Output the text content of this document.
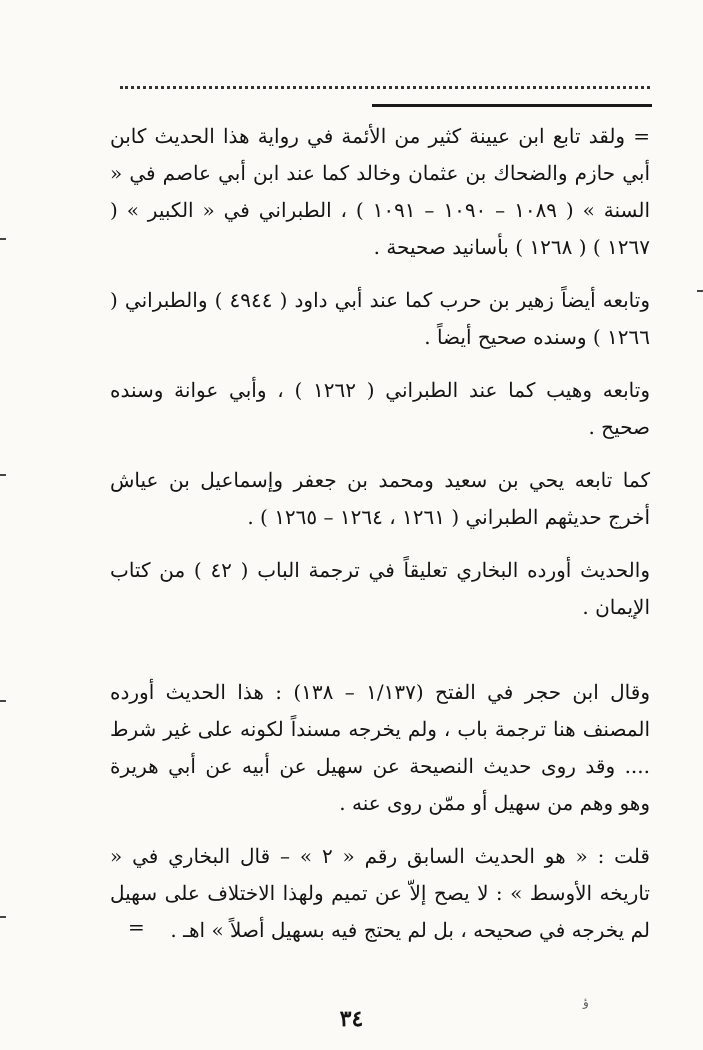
= ولقد تابع ابن عيينة كثير من الأئمة في رواية هذا الحديث كابن أبي حازم والضحاك بن عثمان وخالد كما عند ابن أبي عاصم في « السنة » ( ١٠٨٩ – ١٠٩٠ – ١٠٩١ ) ، الطبراني في « الكبير » ( ١٢٦٧ ) ( ١٢٦٨ ) بأسانيد صحيحة .

وتابعه أيضاً زهير بن حرب كما عند أبي داود ( ٤٩٤٤ ) والطبراني ( ١٢٦٦ ) وسنده صحيح أيضاً .

وتابعه وهيب كما عند الطبراني ( ١٢٦٢ ) ، وأبي عوانة وسنده صحيح .

كما تابعه يحي بن سعيد ومحمد بن جعفر وإسماعيل بن عياش أخرج حديثهم الطبراني ( ١٢٦١ ، ١٢٦٤ – ١٢٦٥ ) .

والحديث أورده البخاري تعليقاً في ترجمة الباب ( ٤٢ ) من كتاب الإيمان .

وقال ابن حجر في الفتح (١/١٣٧ – ١٣٨) : هذا الحديث أورده المصنف هنا ترجمة باب ، ولم يخرجه مسنداً لكونه على غير شرط .... وقد روى حديث النصيحة عن سهيل عن أبيه عن أبي هريرة وهو وهم من سهيل أو ممّن روى عنه .

قلت : « هو الحديث السابق رقم « ٢ » – قال البخاري في « تاريخه الأوسط » : لا يصح إلاّ عن تميم ولهذا الاختلاف على سهيل لم يخرجه في صحيحه ، بل لم يحتج فيه بسهيل أصلاً » اهـ .

=
٣٤
ؤ
